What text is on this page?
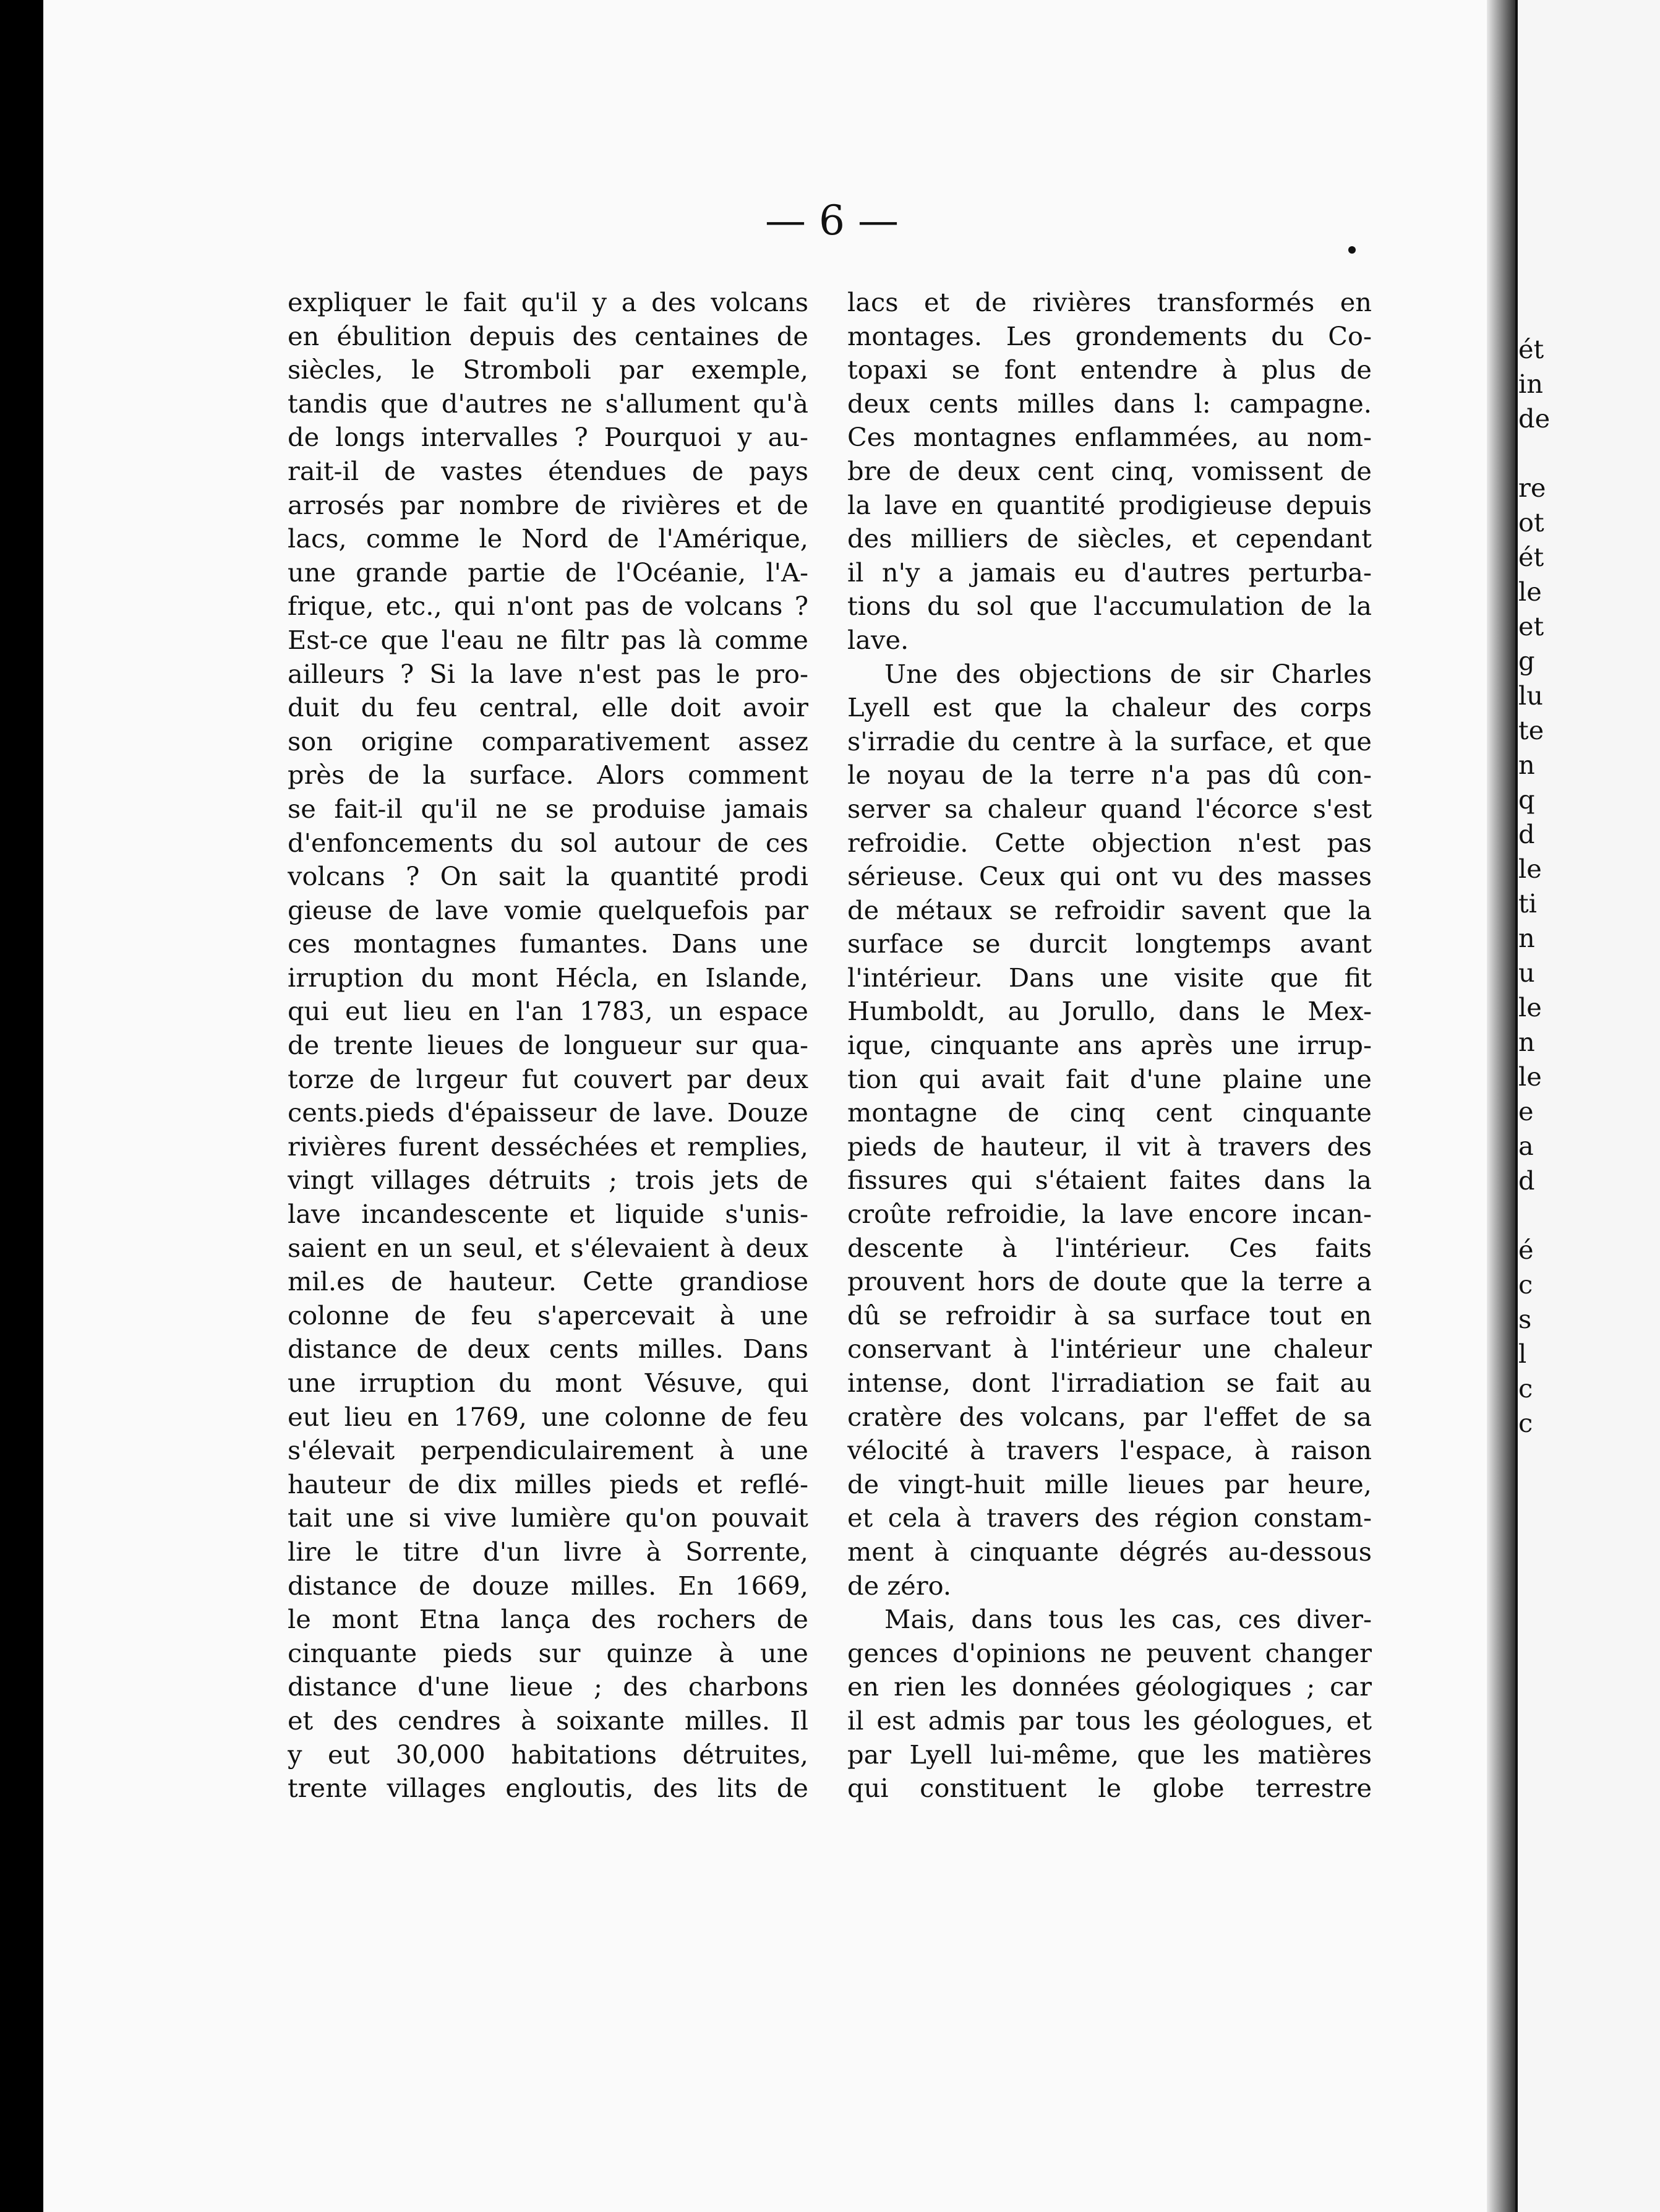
— 6 —
expliquer le fait qu'il y a des volcans
en ébulition depuis des centaines de
siècles, le Stromboli par exemple,
tandis que d'autres ne s'allument qu'à
de longs intervalles ? Pourquoi y au-
rait-il de vastes étendues de pays
arrosés par nombre de rivières et de
lacs, comme le Nord de l'Amérique,
une grande partie de l'Océanie, l'A-
frique, etc., qui n'ont pas de volcans ?
Est-ce que l'eau ne filtr pas là comme
ailleurs ? Si la lave n'est pas le pro-
duit du feu central, elle doit avoir
son origine comparativement assez
près de la surface. Alors comment
se fait-il qu'il ne se produise jamais
d'enfoncements du sol autour de ces
volcans ? On sait la quantité prodi
gieuse de lave vomie quelquefois par
ces montagnes fumantes. Dans une
irruption du mont Hécla, en Islande,
qui eut lieu en l'an 1783, un espace
de trente lieues de longueur sur qua-
torze de lɩrgeur fut couvert par deux
cents.pieds d'épaisseur de lave. Douze
rivières furent desséchées et remplies,
vingt villages détruits ; trois jets de
lave incandescente et liquide s'unis-
saient en un seul, et s'élevaient à deux
mil.es de hauteur. Cette grandiose
colonne de feu s'apercevait à une
distance de deux cents milles. Dans
une irruption du mont Vésuve, qui
eut lieu en 1769, une colonne de feu
s'élevait perpendiculairement à une
hauteur de dix milles pieds et reflé-
tait une si vive lumière qu'on pouvait
lire le titre d'un livre à Sorrente,
distance de douze milles. En 1669,
le mont Etna lança des rochers de
cinquante pieds sur quinze à une
distance d'une lieue ; des charbons
et des cendres à soixante milles. Il
y eut 30,000 habitations détruites,
trente villages engloutis, des lits de
lacs et de rivières transformés en
montages. Les grondements du Co-
topaxi se font entendre à plus de
deux cents milles dans l: campagne.
Ces montagnes enflammées, au nom-
bre de deux cent cinq, vomissent de
la lave en quantité prodigieuse depuis
des milliers de siècles, et cependant
il n'y a jamais eu d'autres perturba-
tions du sol que l'accumulation de la
lave.
Une des objections de sir Charles
Lyell est que la chaleur des corps
s'irradie du centre à la surface, et que
le noyau de la terre n'a pas dû con-
server sa chaleur quand l'écorce s'est
refroidie. Cette objection n'est pas
sérieuse. Ceux qui ont vu des masses
de métaux se refroidir savent que la
surface se durcit longtemps avant
l'intérieur. Dans une visite que fit
Humboldt, au Jorullo, dans le Mex-
ique, cinquante ans après une irrup-
tion qui avait fait d'une plaine une
montagne de cinq cent cinquante
pieds de hauteur, il vit à travers des
fissures qui s'étaient faites dans la
croûte refroidie, la lave encore incan-
descente à l'intérieur. Ces faits
prouvent hors de doute que la terre a
dû se refroidir à sa surface tout en
conservant à l'intérieur une chaleur
intense, dont l'irradiation se fait au
cratère des volcans, par l'effet de sa
vélocité à travers l'espace, à raison
de vingt-huit mille lieues par heure,
et cela à travers des région constam-
ment à cinquante dégrés au-dessous
de zéro.
Mais, dans tous les cas, ces diver-
gences d'opinions ne peuvent changer
en rien les données géologiques ; car
il est admis par tous les géologues, et
par Lyell lui-même, que les matières
qui constituent le globe terrestre
ét
in
de
re
ot
ét
le
et
g
lu
te
n
q
d
le
ti
n
u
le
n
le
e
a
d
é
c
s
l
c
c
